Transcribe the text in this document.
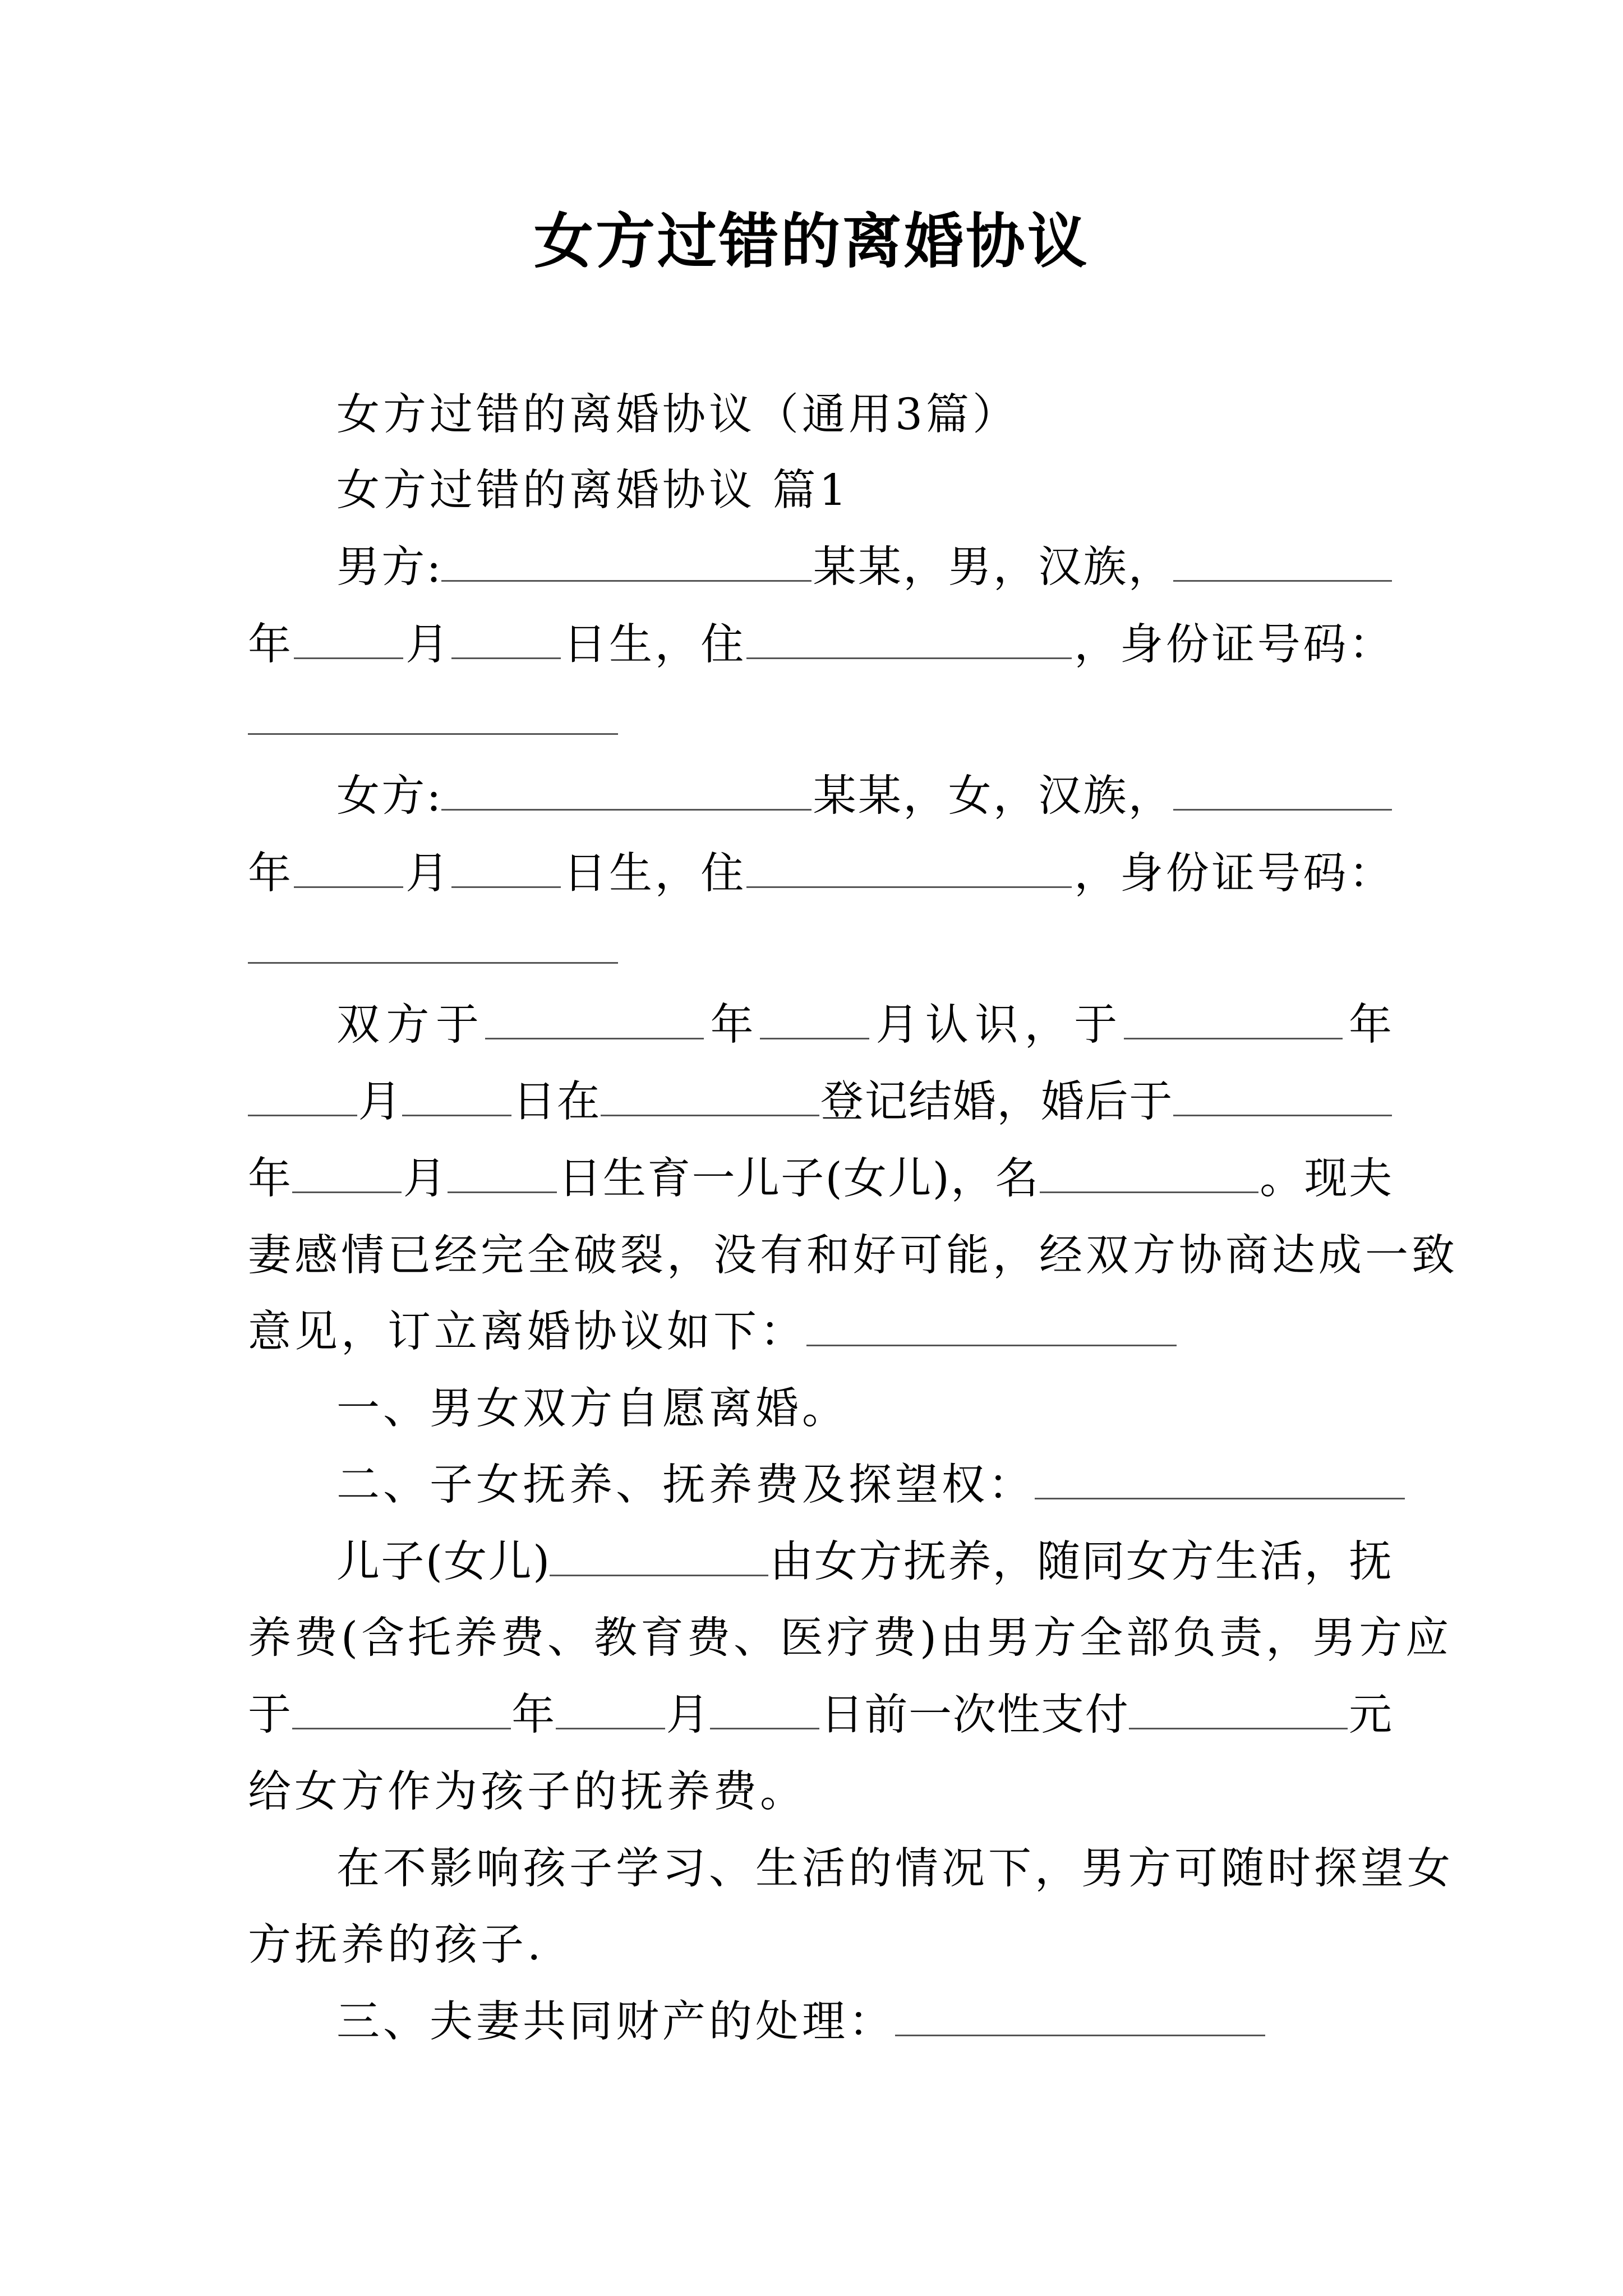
女方过错的离婚协议
女方过错的离婚协议（通用3篇）
女方过错的离婚协议 篇1
男方:	某某，男，汉族，
年	月	日生，住	，身份证号码：
女方:	某某，女，汉族，
年	月	日生，住	，身份证号码：
双方于	年	月认识，于	年
月	日在	登记结婚，婚后于
年	月	日生育一儿子(女儿)，名	。现夫
妻感情已经完全破裂，没有和好可能，经双方协商达成一致
意见，订立离婚协议如下：
一、男女双方自愿离婚。
二、子女抚养、抚养费及探望权：
儿子(女儿)	由女方抚养，随同女方生活，抚
养费(含托养费、教育费、医疗费)由男方全部负责，男方应
于	年	月	日前一次性支付	元
给女方作为孩子的抚养费。
在不影响孩子学习、生活的情况下，男方可随时探望女
方抚养的孩子.
三、夫妻共同财产的处理：
